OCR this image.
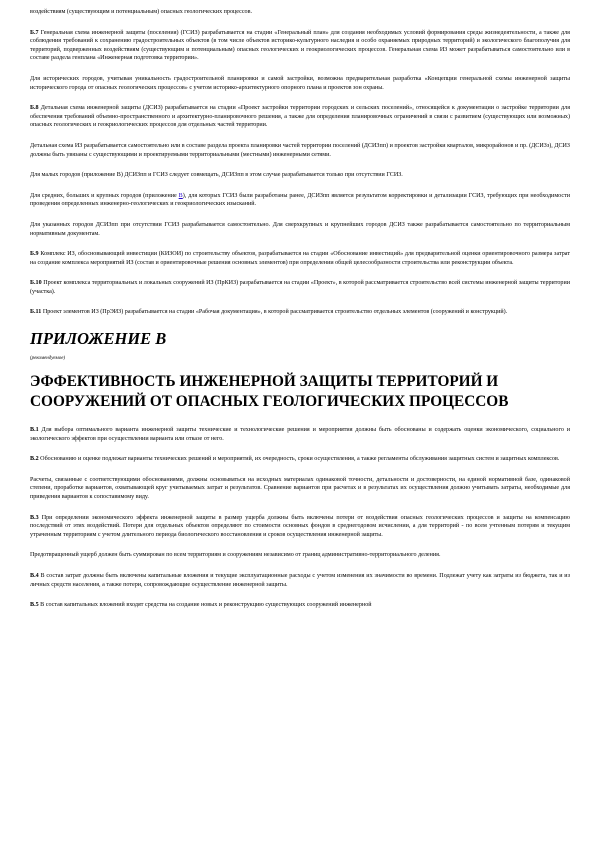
воздействиям (существующим и потенциальным) опасных геологических процессов.

Б.7 Генеральная схема инженерной защиты (поселения) (ГСИЗ) разрабатывается на стадии «Генеральный план» для создания необходимых условий формирования среды жизнедеятельности, а также для соблюдения требований к сохранению градостроительных объектов (в том числе объектов историко-культурного наследия и особо охраняемых природных территорий) и экологического благополучия для территорий, подверженных воздействиям (существующим и потенциальным) опасных геологических и геокриологических процессов. Генеральная схема ИЗ может разрабатываться самостоятельно или в составе раздела генплана «Инженерная подготовка территории».

Для исторических городов, учитывая уникальность градостроительной планировки и самой застройки, возможна предварительная разработка «Концепции генеральной схемы инженерной защиты исторического города от опасных геологических процессов» с учетом историко-архитектурного опорного плана и проектов зон охраны.

Б.8 Детальная схема инженерной защиты (ДСИЗ) разрабатывается на стадии «Проект застройки территории городских и сельских поселений», относящейся к документации о застройке территории для обеспечения требований объемно-пространственного и архитектурно-планировочного решения, а также для определения планировочных ограничений в связи с развитием (существующих или возможных) опасных геологических и геокриологических процессов для отдельных частей территории.

Детальная схема ИЗ разрабатывается самостоятельно или в составе раздела проекта планировки частей территории поселений (ДСИЗпп) и проектов застройки кварталов, микрорайонов и пр. (ДСИЗз), ДСИЗ должны быть увязаны с существующими и проектируемыми территориальными (местными) инженерными сетями.

Для малых городов (приложение В) ДСИЗпп и ГСИЗ следует совмещать, ДСИЗпп в этом случае разрабатывается только при отсутствии ГСИЗ.

Для средних, больших и крупных городов (приложение В), для которых ГСИЗ были разработаны ранее, ДСИЗпп является результатом корректировки и детализации ГСИЗ, требующих при необходимости проведения определенных инженерно-геологических и геокриологических изысканий.

Для указанных городов ДСИЗпп при отсутствии ГСИЗ разрабатывается самостоятельно. Для сверхкрупных и крупнейших городов ДСИЗ также разрабатывается самостоятельно по территориальным нормативным документам.

Б.9 Комплекс ИЗ, обосновывающий инвестиции (КИЗОИ) по строительству объектов, разрабатывается на стадии «Обоснование инвестиций» для предварительной оценки ориентировочного размера затрат на создание комплекса мероприятий ИЗ (состав и ориентировочные решения основных элементов) при определении общей целесообразности строительства или реконструкции объекта.

Б.10 Проект комплекса территориальных и локальных сооружений ИЗ (ПрКИЗ) разрабатывается на стадии «Проект», в которой рассматривается строительство всей системы инженерной защиты территории (участка).

Б.11 Проект элементов ИЗ (ПрЭИЗ) разрабатывается на стадии «Рабочая документация», в которой рассматривается строительство отдельных элементов (сооружений и конструкций).

ПРИЛОЖЕНИЕ В
(рекомендуемое)
ЭФФЕКТИВНОСТЬ ИНЖЕНЕРНОЙ ЗАЩИТЫ ТЕРРИТОРИЙ И СООРУЖЕНИЙ ОТ ОПАСНЫХ ГЕОЛОГИЧЕСКИХ ПРОЦЕССОВ

В.1 Для выбора оптимального варианта инженерной защиты технические и технологические решения и мероприятия должны быть обоснованы и содержать оценки экономического, социального и экологического эффектов при осуществлении варианта или отказе от него.

В.2 Обоснованию и оценке подлежат варианты технических решений и мероприятий, их очередность, сроки осуществления, а также регламенты обслуживания защитных систем и защитных комплексов.

Расчеты, связанные с соответствующими обоснованиями, должны основываться на исходных материалах одинаковой точности, детальности и достоверности, на единой нормативной базе, одинаковой степени, проработке вариантов, охватывающей круг учитываемых затрат и результатов. Сравнение вариантов при расчетах и в результатах их осуществления должно учитывать затраты, необходимые для приведения вариантов к сопоставимому виду.

В.3 При определении экономического эффекта инженерной защиты в размер ущерба должны быть включены потери от воздействия опасных геологических процессов и защиты на компенсацию последствий от этих воздействий. Потери для отдельных объектов определяют по стоимости основных фондов в среднегодовом исчислении, а для территорий - по всем учтенным потерям и текущим утраченным территориям с учетом длительного периода биологического восстановления и сроков осуществления инженерной защиты.

Предотвращенный ущерб должен быть суммирован по всем территориям и сооружениям независимо от границ административно-территориального деления.

В.4 В состав затрат должны быть включены капитальные вложения и текущие эксплуатационные расходы с учетом изменения их значимости во времени. Подлежат учету как затраты из бюджета, так и из личных средств населения, а также потери, сопровождающие осуществление инженерной защиты.

В.5 В состав капитальных вложений входят средства на создание новых и реконструкцию существующих сооружений инженерной
